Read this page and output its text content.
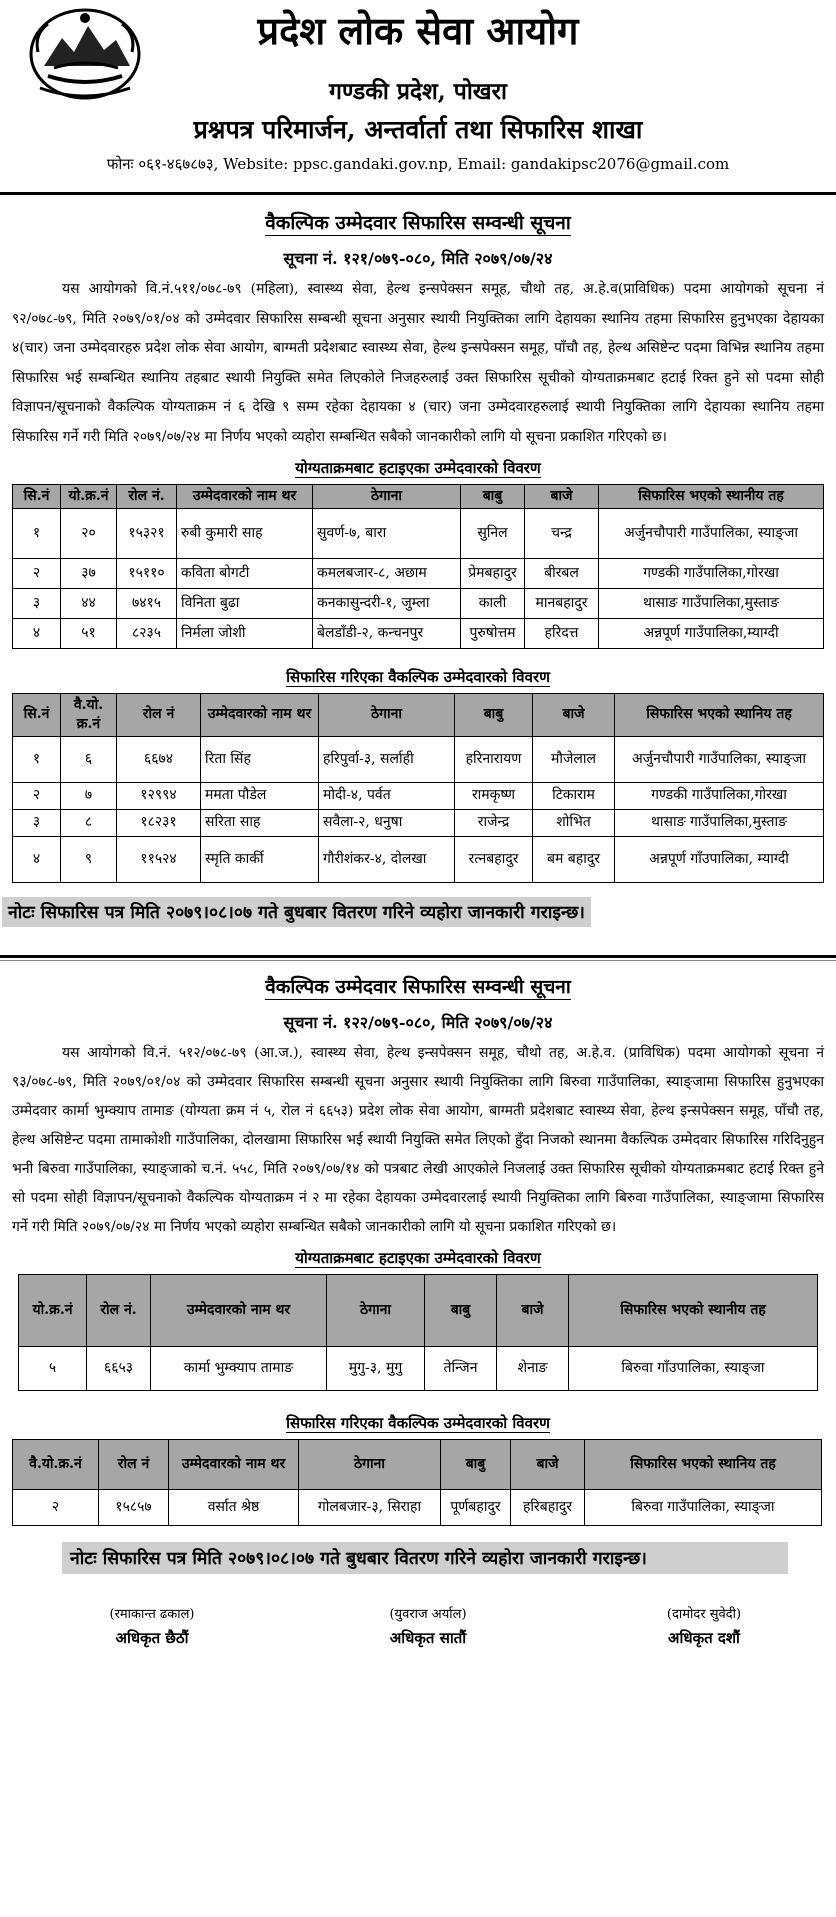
प्रदेश लोक सेवा आयोग
गण्डकी प्रदेश, पोखरा
प्रश्नपत्र परिमार्जन, अन्तर्वार्ता तथा सिफारिस शाखा
फोनः ०६१-४६७८७३, Website: ppsc.gandaki.gov.np, Email: gandakipsc2076@gmail.com
वैकल्पिक उम्मेदवार सिफारिस सम्वन्धी सूचना
सूचना नं. १२१/०७९-०८०, मिति २०७९/०७/२४

यस आयोगको वि.नं.५११/०७८-७९ (महिला), स्वास्थ्य सेवा, हेल्थ इन्सपेक्सन समूह, चौथो तह, अ.हे.व(प्राविधिक) पदमा आयोगको सूचना नं ९२/०७८-७९, मिति २०७९/०१/०४ को उम्मेदवार सिफारिस सम्बन्धी सूचना अनुसार स्थायी नियुक्तिका लागि देहायका स्थानिय तहमा सिफारिस हुनुभएका देहायका ४(चार) जना उम्मेदवारहरु प्रदेश लोक सेवा आयोग, बाग्मती प्रदेशबाट स्वास्थ्य सेवा, हेल्थ इन्सपेक्सन समूह, पाँचौ तह, हेल्थ असिष्टेन्ट पदमा विभिन्न स्थानिय तहमा सिफारिस भई सम्बन्धित स्थानिय तहबाट स्थायी नियुक्ति समेत लिएकोले निजहरुलाई उक्त सिफारिस सूचीको योग्यताक्रमबाट हटाई रिक्त हुने सो पदमा सोही विज्ञापन/सूचनाको वैकल्पिक योग्यताक्रम नं ६ देखि ९ सम्म रहेका देहायका ४ (चार) जना उम्मेदवारहरुलाई स्थायी नियुक्तिका लागि देहायका स्थानिय तहमा सिफारिस गर्ने गरी मिति २०७९/०७/२४ मा निर्णय भएको व्यहोरा सम्बन्धित सबैको जानकारीको लागि यो सूचना प्रकाशित गरिएको छ।

योग्यताक्रमबाट हटाइएका उम्मेदवारको विवरण
सि.नं	यो.क्र.नं	रोल नं.	उम्मेदवारको नाम थर	ठेगाना	बाबु	बाजे	सिफारिस भएको स्थानीय तह
१	२०	१५३२१	रुबी कुमारी साह	सुवर्ण-७, बारा	सुनिल	चन्द्र	अर्जुनचौपारी गाउँपालिका, स्याङ्जा
२	३७	१५११०	कविता बोगटी	कमलबजार-८, अछाम	प्रेमबहादुर	बीरबल	गण्डकी गाउँपालिका,गोरखा
३	४४	७४१५	विनिता बुढा	कनकासुन्दरी-१, जुम्ला	काली	मानबहादुर	थासाङ गाउँपालिका,मुस्ताङ
४	५१	८२३५	निर्मला जोशी	बेलडाँडी-२, कन्चनपुर	पुरुषोत्तम	हरिदत्त	अन्नपूर्ण गाउँपालिका,म्याग्दी
सिफारिस गरिएका वैकल्पिक उम्मेदवारको विवरण
सि.नं	वै.यो. क्र.नं	रोल नं	उम्मेदवारको नाम थर	ठेगाना	बाबु	बाजे	सिफारिस भएको स्थानिय तह
१	६	६६७४	रिता सिंह	हरिपुर्वा-३, सर्लाही	हरिनारायण	मौजेलाल	अर्जुनचौपारी गाउँपालिका, स्याङ्जा
२	७	१२९९४	ममता पौडेल	मोदी-४, पर्वत	रामकृष्ण	टिकाराम	गण्डकी गाउँपालिका,गोरखा
३	८	१८२३१	सरिता साह	सवैला-२, धनुषा	राजेन्द्र	शोभित	थासाङ गाउँपालिका,मुस्ताङ
४	९	११५२४	स्मृति कार्की	गौरीशंकर-४, दोलखा	रत्नबहादुर	बम बहादुर	अन्नपूर्ण गाँउपालिका, म्याग्दी
नोटः सिफारिस पत्र मिति २०७९।०८।०७ गते बुधबार वितरण गरिने व्यहोरा जानकारी गराइन्छ।
वैकल्पिक उम्मेदवार सिफारिस सम्वन्धी सूचना
सूचना नं. १२२/०७९-०८०, मिति २०७९/०७/२४

यस आयोगको वि.नं. ५१२/०७८-७९ (आ.ज.), स्वास्थ्य सेवा, हेल्थ इन्सपेक्सन समूह, चौथो तह, अ.हे.व. (प्राविधिक) पदमा आयोगको सूचना नं ९३/०७८-७९, मिति २०७९/०१/०४ को उम्मेदवार सिफारिस सम्बन्धी सूचना अनुसार स्थायी नियुक्तिका लागि बिरुवा गाउँपालिका, स्याङ्जामा सिफारिस हुनुभएका उम्मेदवार कार्मा भुम्क्याप तामाङ (योग्यता क्रम नं ५, रोल नं ६६५३) प्रदेश लोक सेवा आयोग, बाग्मती प्रदेशबाट स्वास्थ्य सेवा, हेल्थ इन्सपेक्सन समूह, पाँचौ तह, हेल्थ असिष्टेन्ट पदमा तामाकोशी गाउँपालिका, दोलखामा सिफारिस भई स्थायी नियुक्ति समेत लिएको हुँदा निजको स्थानमा वैकल्पिक उम्मेदवार सिफारिस गरिदिनुहुन भनी बिरुवा गाउँपालिका, स्याङ्जाको च.नं. ५५८, मिति २०७९/०७/१४ को पत्रबाट लेखी आएकोले निजलाई उक्त सिफारिस सूचीको योग्यताक्रमबाट हटाई रिक्त हुने सो पदमा सोही विज्ञापन/सूचनाको वैकल्पिक योग्यताक्रम नं २ मा रहेका देहायका उम्मेदवारलाई स्थायी नियुक्तिका लागि बिरुवा गाउँपालिका, स्याङ्जामा सिफारिस गर्ने गरी मिति २०७९/०७/२४ मा निर्णय भएको व्यहोरा सम्बन्धित सबैको जानकारीको लागि यो सूचना प्रकाशित गरिएको छ।

योग्यताक्रमबाट हटाइएका उम्मेदवारको विवरण
यो.क्र.नं	रोल नं.	उम्मेदवारको नाम थर	ठेगाना	बाबु	बाजे	सिफारिस भएको स्थानीय तह
५	६६५३	कार्मा भुम्क्याप तामाङ	मुगु-३, मुगु	तेन्जिन	शेनाङ	बिरुवा गाँउपालिका, स्याङ्जा
सिफारिस गरिएका वैकल्पिक उम्मेदवारको विवरण
वै.यो.क्र.नं	रोल नं	उम्मेदवारको नाम थर	ठेगाना	बाबु	बाजे	सिफारिस भएको स्थानिय तह
२	१५८५७	वर्सात श्रेष्ठ	गोलबजार-३, सिराहा	पूर्णबहादुर	हरिबहादुर	बिरुवा गाउँपालिका, स्याङ्जा
नोटः सिफारिस पत्र मिति २०७९।०८।०७ गते बुधबार वितरण गरिने व्यहोरा जानकारी गराइन्छ।
(रमाकान्त ढकाल)
अधिकृत छैठौं
(युवराज अर्याल)
अधिकृत सातौं
(दामोदर सुवेदी)
अधिकृत दशौं
